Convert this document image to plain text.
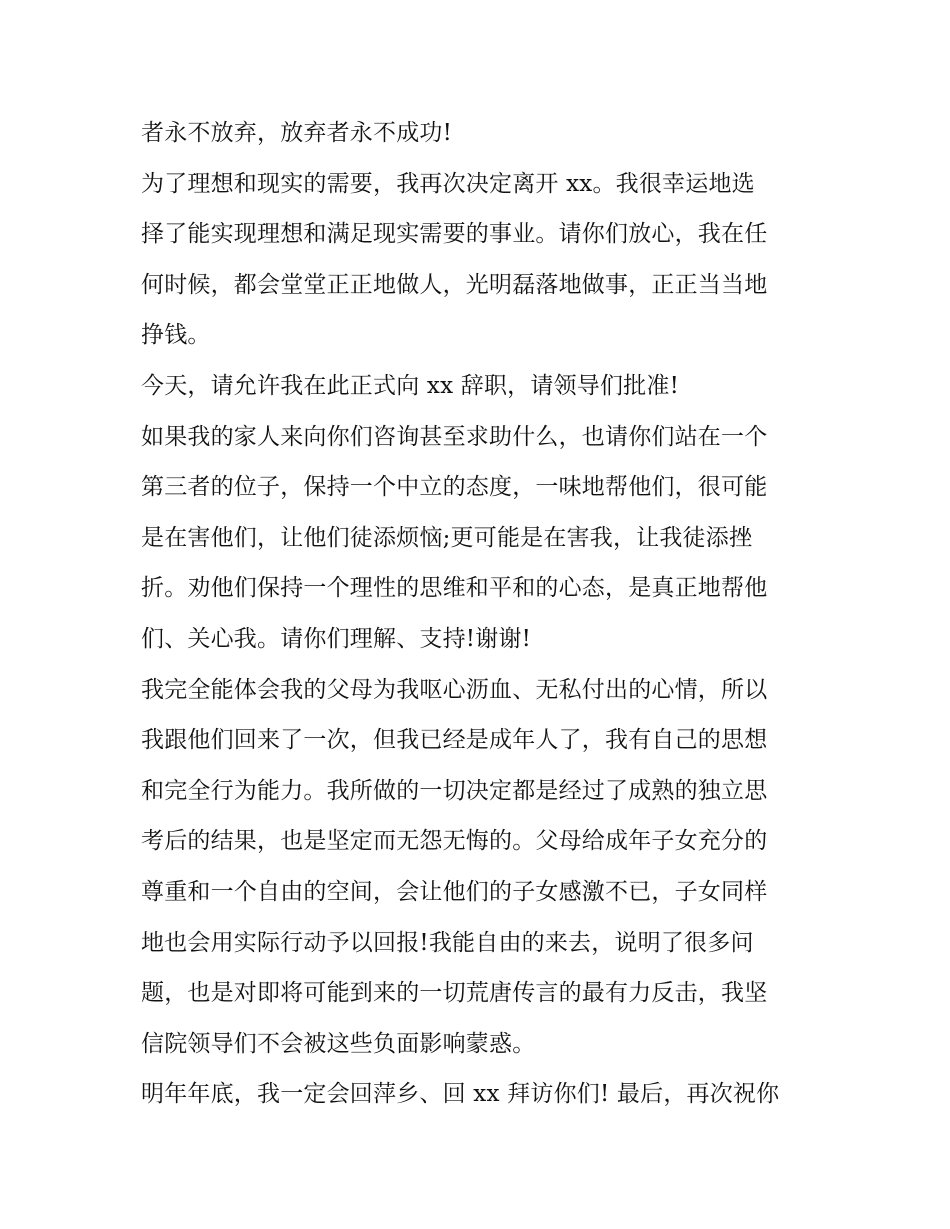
者永不放弃，放弃者永不成功!
为了理想和现实的需要，我再次决定离开 xx。我很幸运地选
择了能实现理想和满足现实需要的事业。请你们放心，我在任
何时候，都会堂堂正正地做人，光明磊落地做事，正正当当地
挣钱。
今天，请允许我在此正式向 xx 辞职，请领导们批准!
如果我的家人来向你们咨询甚至求助什么，也请你们站在一个
第三者的位子，保持一个中立的态度，一味地帮他们，很可能
是在害他们，让他们徒添烦恼;更可能是在害我，让我徒添挫
折。劝他们保持一个理性的思维和平和的心态，是真正地帮他
们、关心我。请你们理解、支持!谢谢!
我完全能体会我的父母为我呕心沥血、无私付出的心情，所以
我跟他们回来了一次，但我已经是成年人了，我有自己的思想
和完全行为能力。我所做的一切决定都是经过了成熟的独立思
考后的结果，也是坚定而无怨无悔的。父母给成年子女充分的
尊重和一个自由的空间，会让他们的子女感激不已，子女同样
地也会用实际行动予以回报!我能自由的来去，说明了很多问
题，也是对即将可能到来的一切荒唐传言的最有力反击，我坚
信院领导们不会被这些负面影响蒙惑。
明年年底，我一定会回萍乡、回 xx 拜访你们! 最后，再次祝你
